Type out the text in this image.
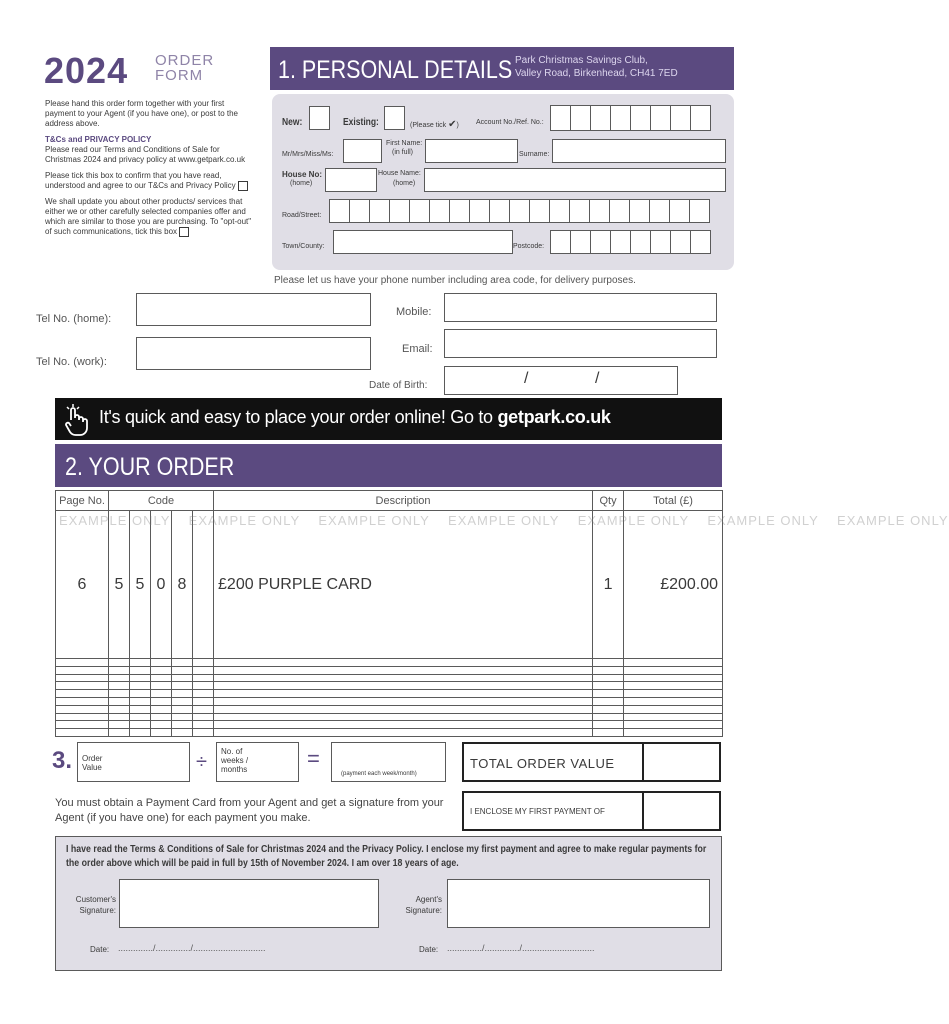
2024 ORDER
FORM

Please hand this order form together with your first payment to your Agent (if you have one), or post to the address above.

T&Cs and PRIVACY POLICY

Please read our Terms and Conditions of Sale for Christmas 2024 and privacy policy at www.getpark.co.uk

Please tick this box to confirm that you have read, understood and agree to our T&Cs and Privacy Policy

We shall update you about other products/ services that either we or other carefully selected companies offer and which are similar to those you are purchasing. To "opt-out" of such communications, tick this box

1. PERSONAL DETAILS Park Christmas Savings Club,
Valley Road, Birkenhead, CH41 7ED
New:	Existing:	(Please tick ✔) Account No./Ref. No.:
Mr/Mrs/Miss/Ms:
First Name:
(in full)	Surname:
House No:
(home)
House Name:
(home)
Road/Street:
Town/County:	Postcode:
Please let us have your phone number including area code, for delivery purposes.
Tel No. (home):
Tel No. (work):
Mobile:
Email:
Date of Birth:	/	/
It's quick and easy to place your order online! Go to getpark.co.uk
2. YOUR ORDER
Page No.	Code					Description	Qty	Total (£)
6	5	5	0	8		£200 PURPLE CARD	1	£200.00

EXAMPLE ONLY    EXAMPLE ONLY    EXAMPLE ONLY    EXAMPLE ONLY    EXAMPLE ONLY    EXAMPLE ONLY    EXAMPLE ONLY
3. Order Value	÷ No. of weeks / months	=
(payment each week/month)
TOTAL ORDER VALUE
I ENCLOSE MY FIRST PAYMENT OF
You must obtain a Payment Card from your Agent and get a signature from your Agent (if you have one) for each payment you make.
I have read the Terms & Conditions of Sale for Christmas 2024 and the Privacy Policy. I enclose my first payment and agree to make regular payments for the order above which will be paid in full by 15th of November 2024. I am over 18 years of age.
Customer's Signature:
Agent's Signature:
Date: ............../............../.............................	Date: ............../............../.............................
